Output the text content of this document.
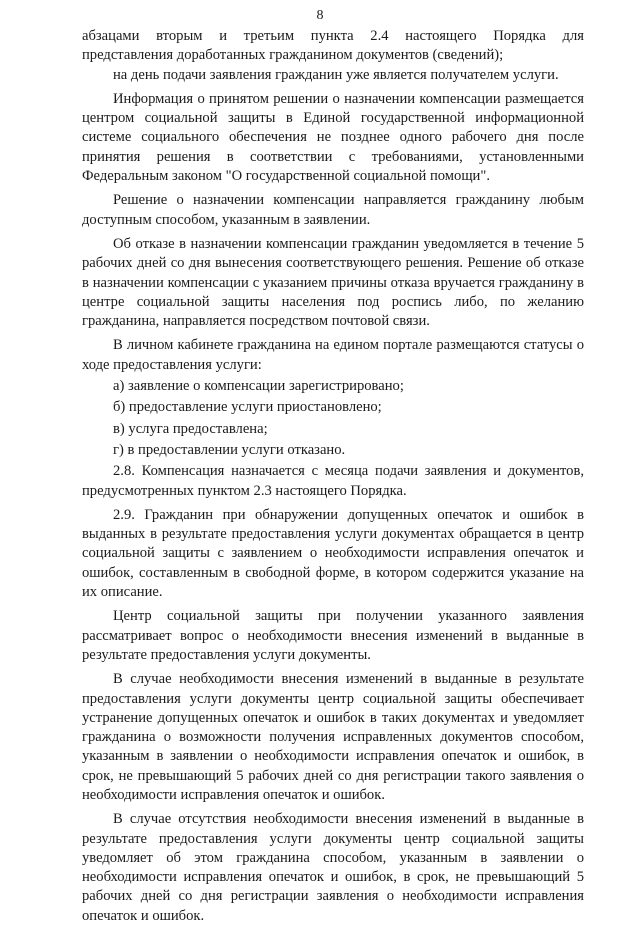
8
абзацами вторым и третьим пункта 2.4 настоящего Порядка для

представления доработанных гражданином документов (сведений);

на день подачи заявления гражданин уже является получателем услуги.

Информация о принятом решении о назначении компенсации размещается центром социальной защиты в Единой государственной информационной системе социального обеспечения не позднее одного рабочего дня после принятия решения в соответствии с требованиями, установленными Федеральным законом "О государственной социальной помощи".

Решение о назначении компенсации направляется гражданину любым доступным способом, указанным в заявлении.

Об отказе в назначении компенсации гражданин уведомляется в течение 5 рабочих дней со дня вынесения соответствующего решения. Решение об отказе в назначении компенсации с указанием причины отказа вручается гражданину в центре социальной защиты населения под роспись либо, по желанию гражданина, направляется посредством почтовой связи.

В личном кабинете гражданина на едином портале размещаются статусы о ходе предоставления услуги:

а) заявление о компенсации зарегистрировано;

б) предоставление услуги приостановлено;

в) услуга предоставлена;

г) в предоставлении услуги отказано.

2.8. Компенсация назначается с месяца подачи заявления и документов, предусмотренных пунктом 2.3 настоящего Порядка.

2.9. Гражданин при обнаружении допущенных опечаток и ошибок в выданных в результате предоставления услуги документах обращается в центр социальной защиты с заявлением о необходимости исправления опечаток и ошибок, составленным в свободной форме, в котором содержится указание на их описание.

Центр социальной защиты при получении указанного заявления рассматривает вопрос о необходимости внесения изменений в выданные в результате предоставления услуги документы.

В случае необходимости внесения изменений в выданные в результате предоставления услуги документы центр социальной защиты обеспечивает устранение допущенных опечаток и ошибок в таких документах и уведомляет гражданина о возможности получения исправленных документов способом, указанным в заявлении о необходимости исправления опечаток и ошибок, в срок, не превышающий 5 рабочих дней со дня регистрации такого заявления о необходимости исправления опечаток и ошибок.

В случае отсутствия необходимости внесения изменений в выданные в результате предоставления услуги документы центр социальной защиты уведомляет об этом гражданина способом, указанным в заявлении о необходимости исправления опечаток и ошибок, в срок, не превышающий 5 рабочих дней со дня регистрации заявления о необходимости исправления опечаток и ошибок.
